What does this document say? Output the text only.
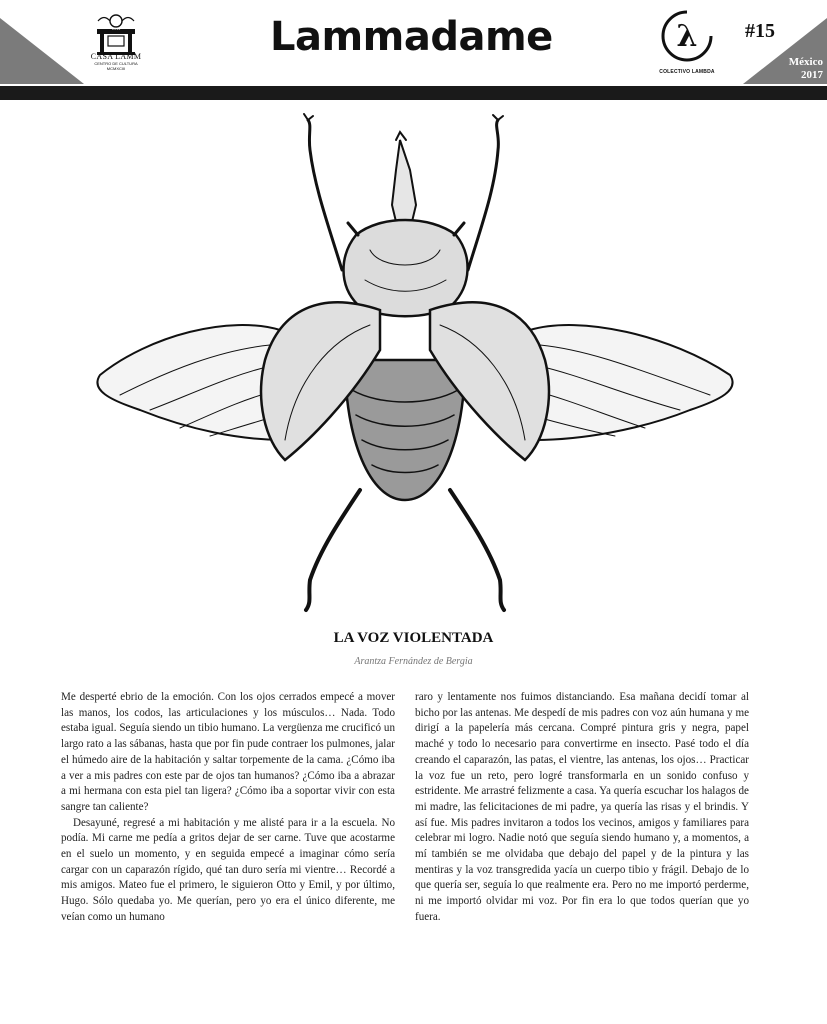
1911
CASA LAMM
CENTRO DE CULTURA
MCMXCIII
Lammadame	λ
COLECTIVO LAMBDA
#15
México
2017
LA VOZ VIOLENTADA
Arantza Fernández de Bergia

Me desperté ebrio de la emoción. Con los ojos cerrados empecé a mover las manos, los codos, las articulaciones y los músculos… Nada. Todo estaba igual. Seguía siendo un tibio humano. La vergüenza me crucificó un largo rato a las sábanas, hasta que por fin pude contraer los pulmones, jalar el húmedo aire de la habitación y saltar torpemente de la cama. ¿Cómo iba a ver a mis padres con este par de ojos tan humanos? ¿Cómo iba a abrazar a mi hermana con esta piel tan ligera? ¿Cómo iba a soportar vivir con esta sangre tan caliente?

Desayuné, regresé a mi habitación y me alisté para ir a la escuela. No podía. Mi carne me pedía a gritos dejar de ser carne. Tuve que acostarme en el suelo un momento, y en seguida empecé a imaginar cómo sería cargar con un caparazón rígido, qué tan duro sería mi vientre… Recordé a mis amigos. Mateo fue el primero, le siguieron Otto y Emil, y por último, Hugo. Sólo quedaba yo. Me querían, pero yo era el único diferente, me veían como un humano

raro y lentamente nos fuimos distanciando. Esa mañana decidí tomar al bicho por las antenas. Me despedí de mis padres con voz aún humana y me dirigí a la papelería más cercana. Compré pintura gris y negra, papel maché y todo lo necesario para convertirme en insecto. Pasé todo el día creando el caparazón, las patas, el vientre, las antenas, los ojos… Practicar la voz fue un reto, pero logré transformarla en un sonido confuso y estridente. Me arrastré felizmente a casa. Ya quería escuchar los halagos de mi madre, las felicitaciones de mi padre, ya quería las risas y el brindis. Y así fue. Mis padres invitaron a todos los vecinos, amigos y familiares para celebrar mi logro. Nadie notó que seguía siendo humano y, a momentos, a mí también se me olvidaba que debajo del papel y de la pintura y las mentiras y la voz transgredida yacía un cuerpo tibio y frágil. Debajo de lo que quería ser, seguía lo que realmente era. Pero no me importó perderme, ni me importó olvidar mi voz. Por fin era lo que todos querían que yo fuera.
